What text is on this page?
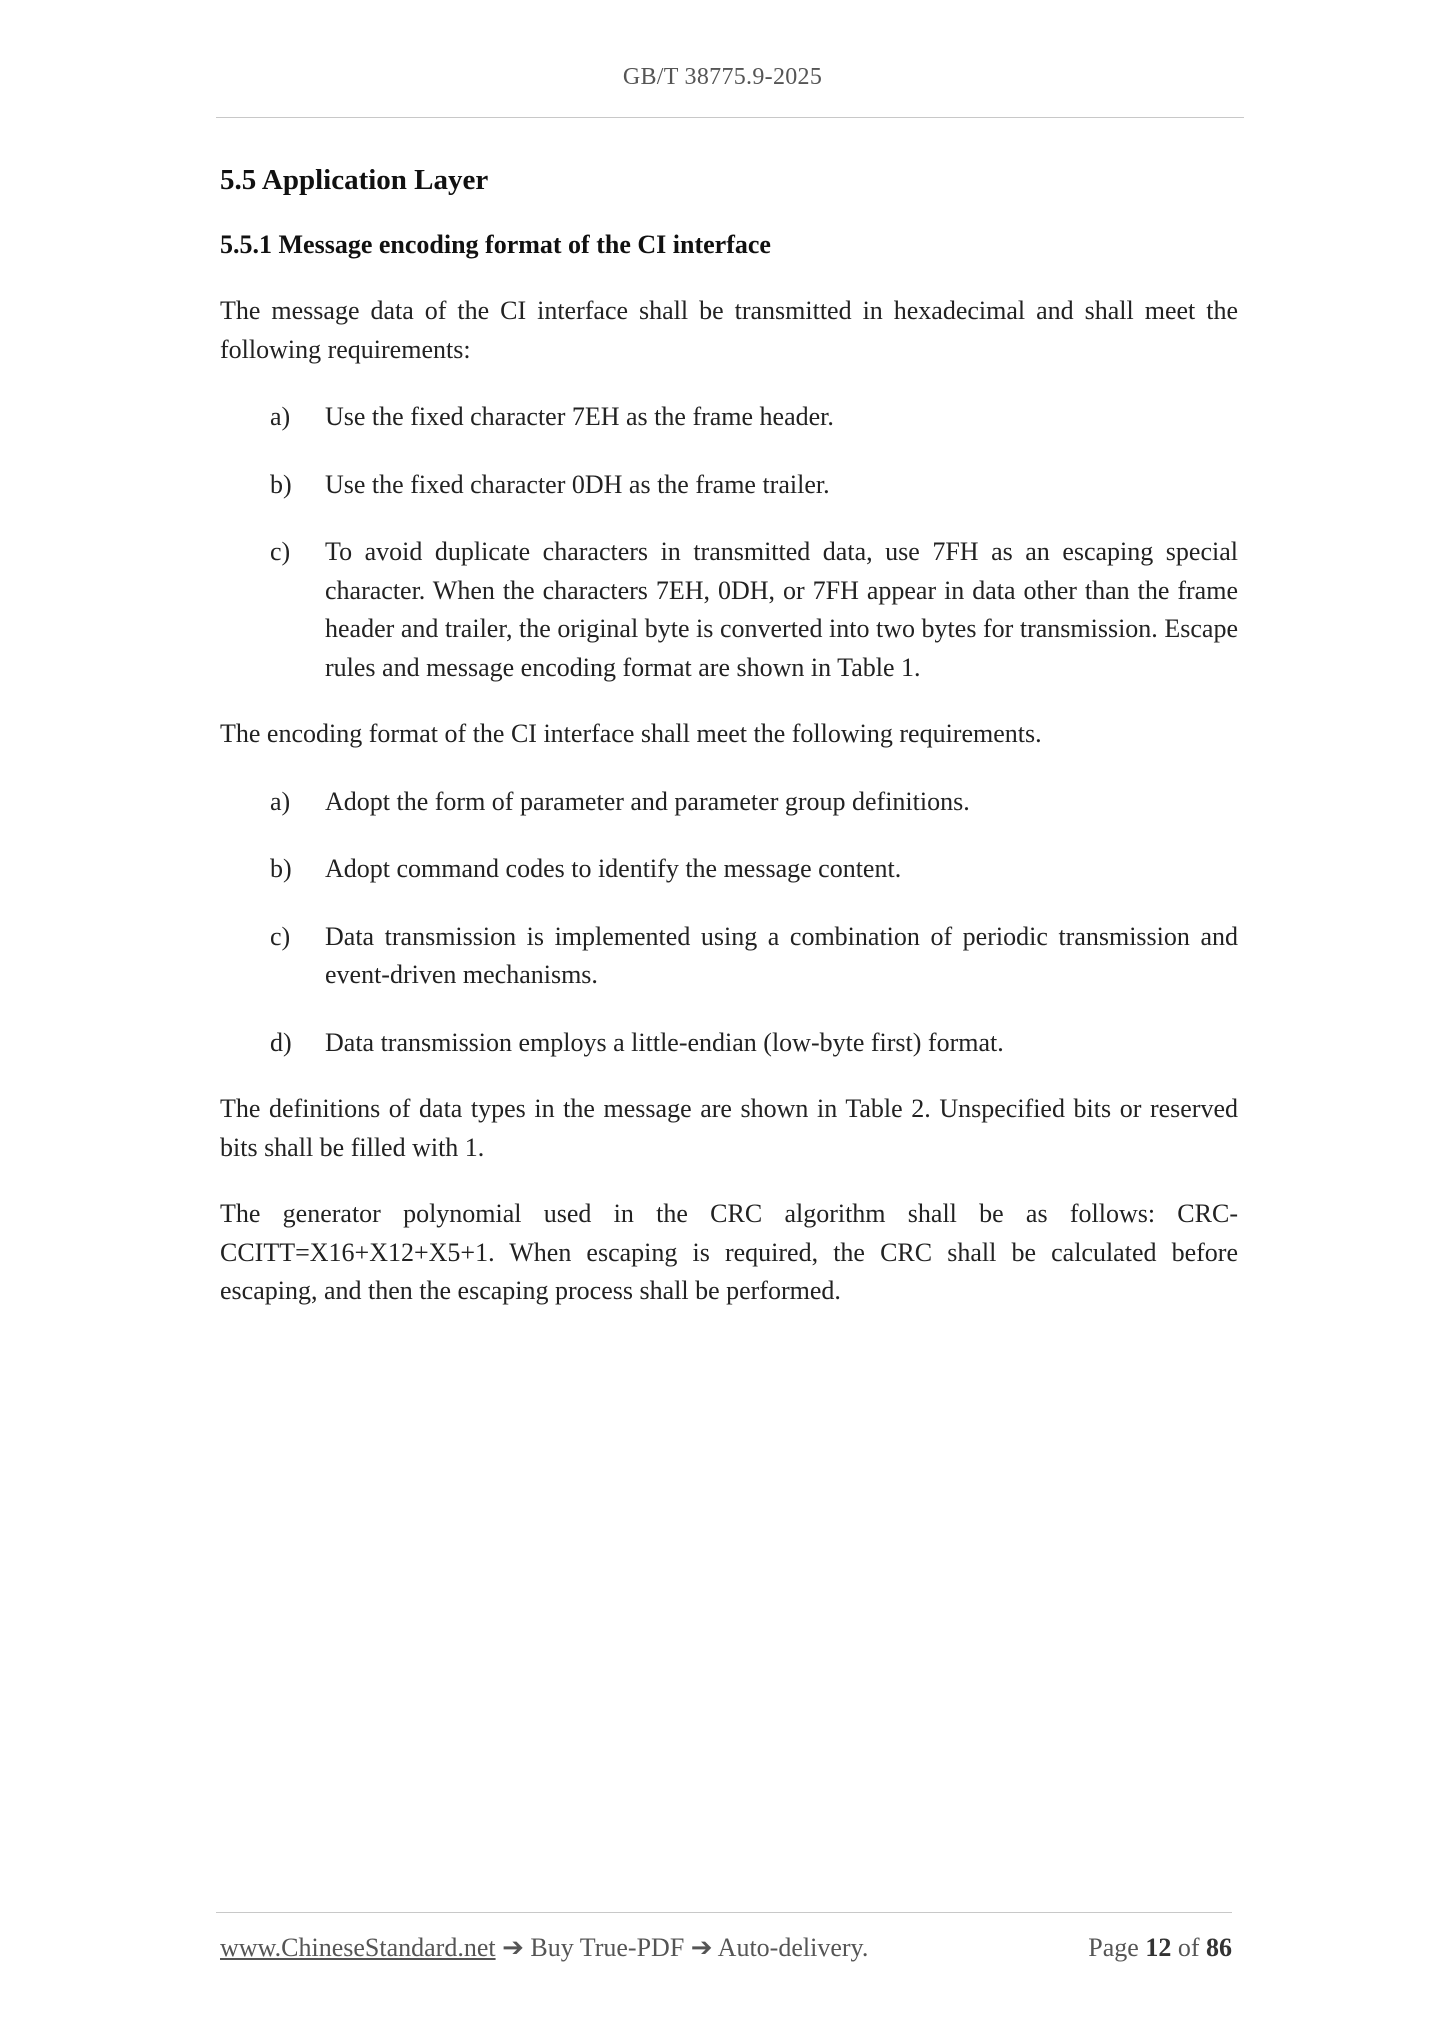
GB/T 38775.9-2025
5.5 Application Layer
5.5.1 Message encoding format of the CI interface

The message data of the CI interface shall be transmitted in hexadecimal and shall meet the following requirements:

a) Use the fixed character 7EH as the frame header.
b) Use the fixed character 0DH as the frame trailer.
c) To avoid duplicate characters in transmitted data, use 7FH as an escaping special character. When the characters 7EH, 0DH, or 7FH appear in data other than the frame header and trailer, the original byte is converted into two bytes for transmission. Escape rules and message encoding format are shown in Table 1.

The encoding format of the CI interface shall meet the following requirements.

a) Adopt the form of parameter and parameter group definitions.
b) Adopt command codes to identify the message content.
c) Data transmission is implemented using a combination of periodic transmission and event-driven mechanisms.
d) Data transmission employs a little-endian (low-byte first) format.

The definitions of data types in the message are shown in Table 2. Unspecified bits or reserved bits shall be filled with 1.

The generator polynomial used in the CRC algorithm shall be as follows: CRC-CCITT=X16+X12+X5+1. When escaping is required, the CRC shall be calculated before escaping, and then the escaping process shall be performed.

www.ChineseStandard.net ➔ Buy True-PDF ➔ Auto-delivery.	Page 12 of 86
